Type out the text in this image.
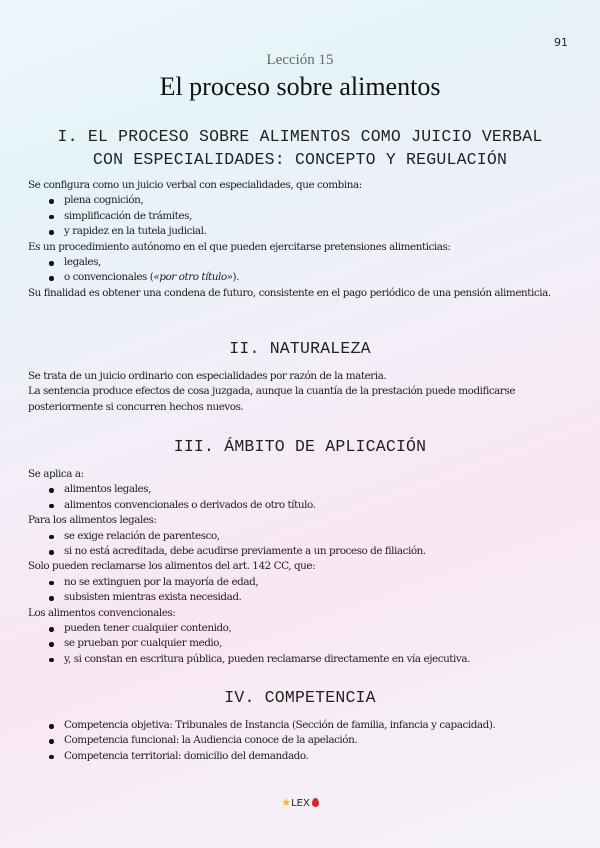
91
Lección 15
El proceso sobre alimentos
I. EL PROCESO SOBRE ALIMENTOS COMO JUICIO VERBAL
CON ESPECIALIDADES: CONCEPTO Y REGULACIÓN

Se configura como un juicio verbal con especialidades, que combina:

plena cognición,
simplificación de trámites,
y rapidez en la tutela judicial.

Es un procedimiento autónomo en el que pueden ejercitarse pretensiones alimenticias:

legales,
o convencionales («por otro título»).

Su finalidad es obtener una condena de futuro, consistente en el pago periódico de una pensión alimenticia.

II. NATURALEZA

Se trata de un juicio ordinario con especialidades por razón de la materia.

La sentencia produce efectos de cosa juzgada, aunque la cuantía de la prestación puede modificarse posteriormente si concurren hechos nuevos.

III. ÁMBITO DE APLICACIÓN

Se aplica a:

alimentos legales,
alimentos convencionales o derivados de otro título.

Para los alimentos legales:

se exige relación de parentesco,
si no está acreditada, debe acudirse previamente a un proceso de filiación.

Solo pueden reclamarse los alimentos del art. 142 CC, que:

no se extinguen por la mayoría de edad,
subsisten mientras exista necesidad.

Los alimentos convencionales:

pueden tener cualquier contenido,
se prueban por cualquier medio,
y, si constan en escritura pública, pueden reclamarse directamente en vía ejecutiva.
IV. COMPETENCIA
Competencia objetiva: Tribunales de Instancia (Sección de familia, infancia y capacidad).
Competencia funcional: la Audiencia conoce de la apelación.
Competencia territorial: domicilio del demandado.
★LEX
